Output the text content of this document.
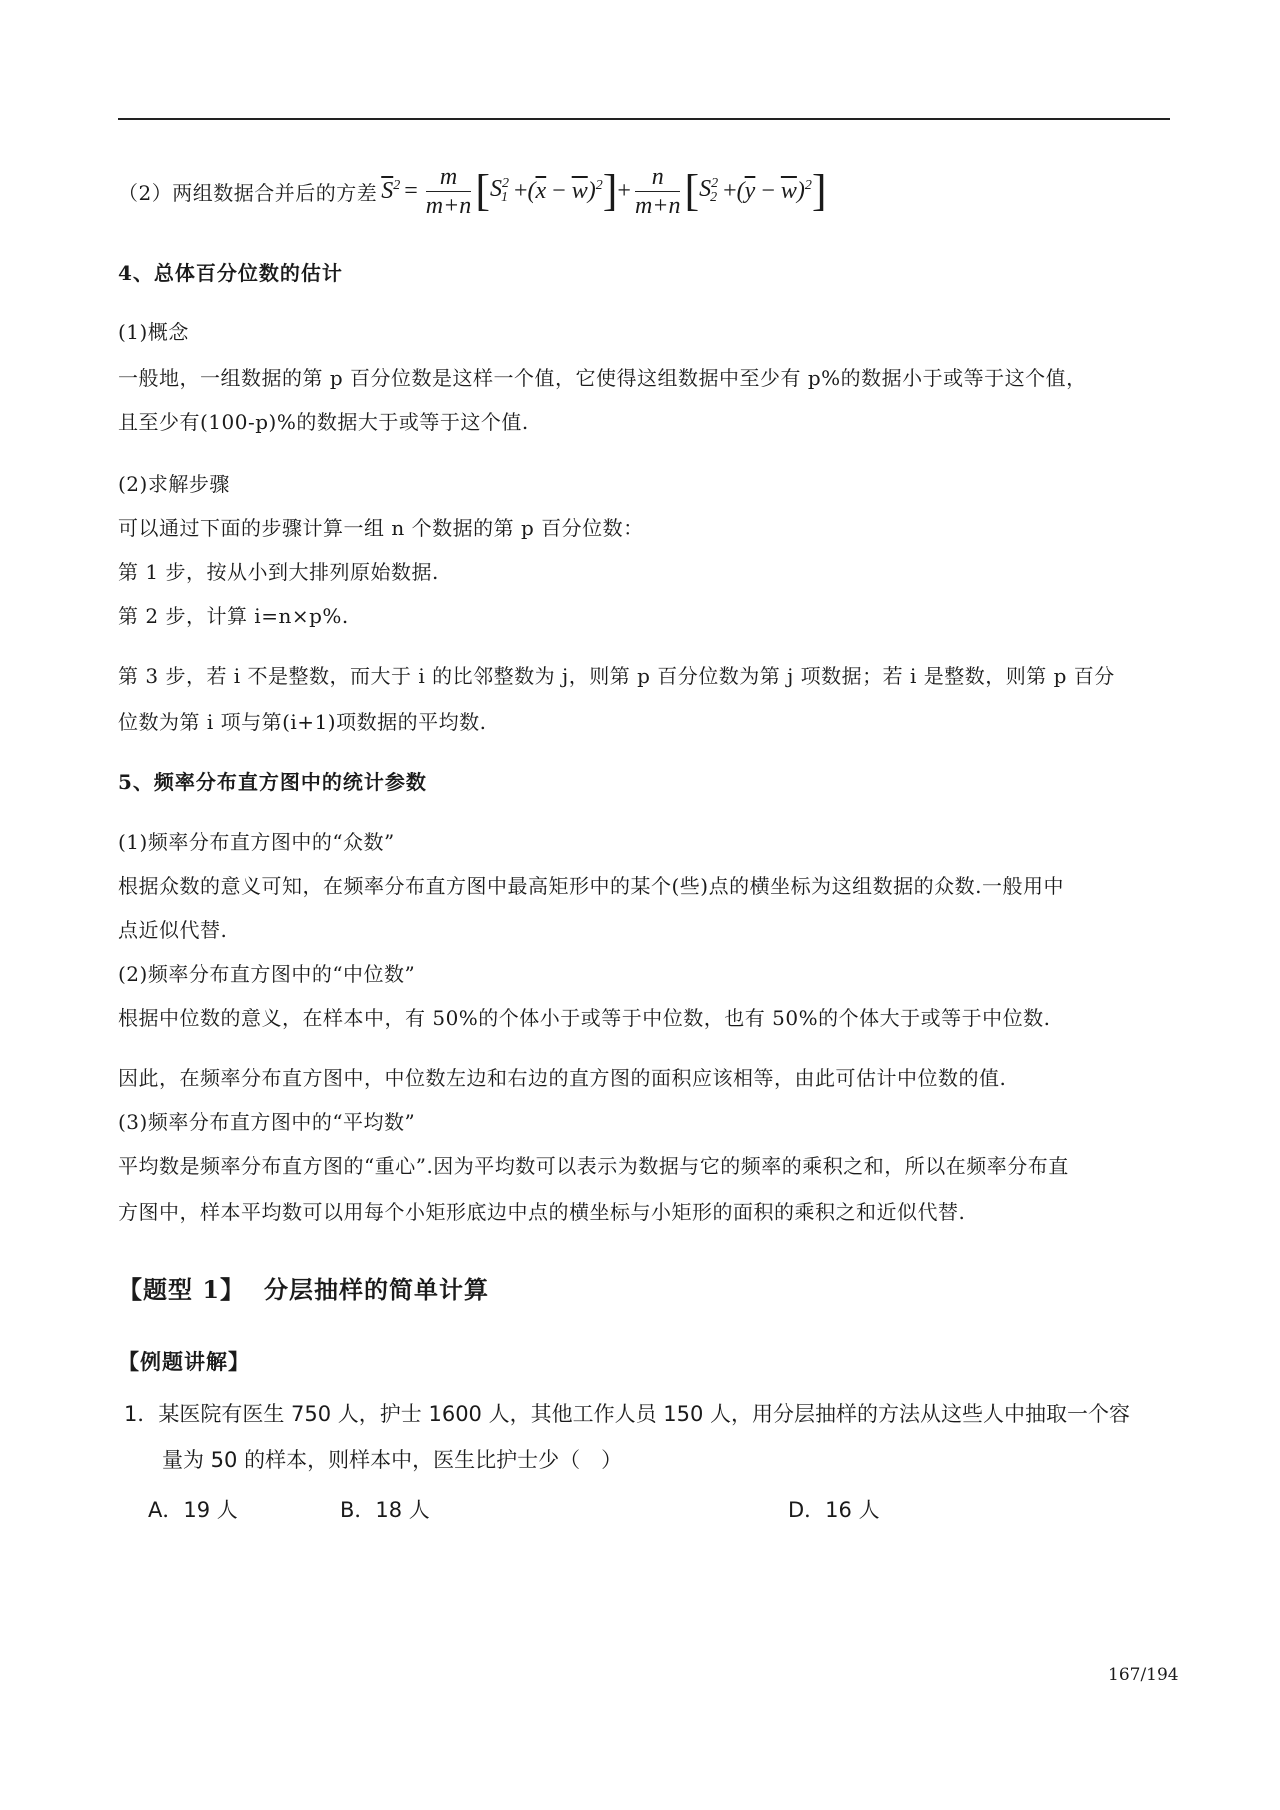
（2）两组数据合并后的方差 $\overline{S}^2 = \frac{m}{m+n}$ [ $S^2_1 +(\overline{x} - \overline{w})^2$ ] + $\frac{n}{m+n}$ [ $S^2_2 +(\overline{y} - \overline{w})^2$ ]
4、总体百分位数的估计
(1)概念
一般地，一组数据的第 p 百分位数是这样一个值，它使得这组数据中至少有 p%的数据小于或等于这个值，
且至少有(100-p)%的数据大于或等于这个值.
(2)求解步骤
可以通过下面的步骤计算一组 n 个数据的第 p 百分位数：
第 1 步，按从小到大排列原始数据.
第 2 步，计算 i=n×p%.
第 3 步，若 i 不是整数，而大于 i 的比邻整数为 j，则第 p 百分位数为第 j 项数据；若 i 是整数，则第 p 百分
位数为第 i 项与第(i+1)项数据的平均数.
5、频率分布直方图中的统计参数
(1)频率分布直方图中的“众数”
根据众数的意义可知，在频率分布直方图中最高矩形中的某个(些)点的横坐标为这组数据的众数.一般用中
点近似代替.
(2)频率分布直方图中的“中位数”
根据中位数的意义，在样本中，有 50%的个体小于或等于中位数，也有 50%的个体大于或等于中位数.
因此，在频率分布直方图中，中位数左边和右边的直方图的面积应该相等，由此可估计中位数的值.
(3)频率分布直方图中的“平均数”
平均数是频率分布直方图的“重心”.因为平均数可以表示为数据与它的频率的乘积之和，所以在频率分布直
方图中，样本平均数可以用每个小矩形底边中点的横坐标与小矩形的面积的乘积之和近似代替.
【题型 1】 分层抽样的简单计算
【例题讲解】
1．某医院有医生 750 人，护士 1600 人，其他工作人员 150 人，用分层抽样的方法从这些人中抽取一个容
量为 50 的样本，则样本中，医生比护士少（　）
A．19 人	B．18 人	D．16 人
167/194
